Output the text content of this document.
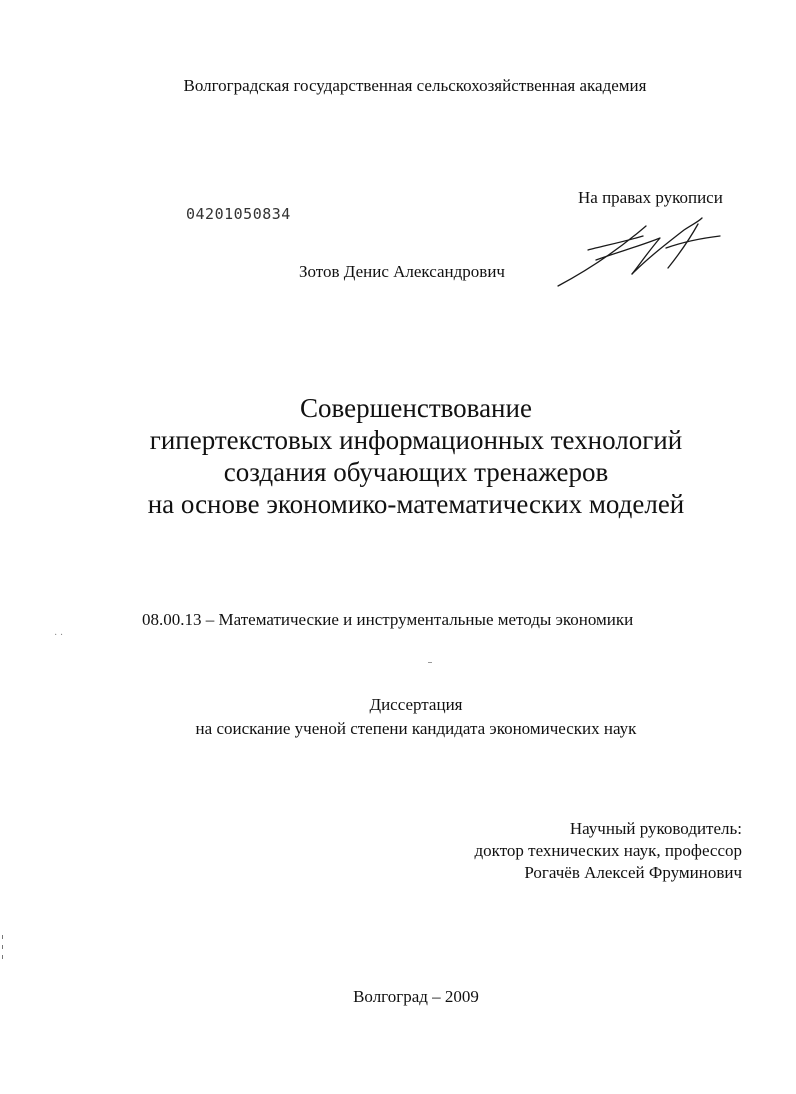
Волгоградская государственная сельскохозяйственная академия
04201050834
На правах рукописи
Зотов Денис Александрович
Совершенствование
гипертекстовых информационных технологий
создания обучающих тренажеров
на основе экономико-математических моделей
· ·
08.00.13 – Математические и инструментальные методы экономики
Диссертация
на соискание ученой степени кандидата экономических наук
Научный руководитель:
доктор технических наук, профессор
Рогачёв Алексей Фруминович
Волгоград – 2009
